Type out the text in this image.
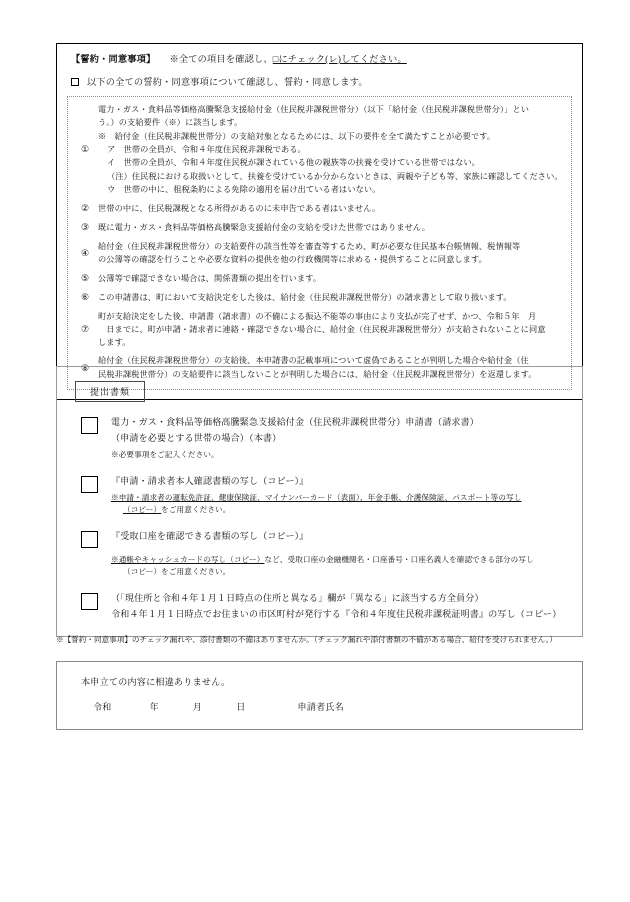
【誓約・同意事項】 ※全ての項目を確認し、□にチェック(レ)してください。
以下の全ての誓約・同意事項について確認し、誓約・同意します。
①

電力・ガス・食料品等価格高騰緊急支援給付金（住民税非課税世帯分）（以下「給付金（住民税非課税世帯分）」とい

う。）の支給要件（※）に該当します。

※　給付金（住民税非課税世帯分）の支給対象となるためには、以下の要件を全て満たすことが必要です。

ア　世帯の全員が、令和４年度住民税非課税である。

イ　世帯の全員が、令和４年度住民税が課されている他の親族等の扶養を受けている世帯ではない。

（注）住民税における取扱いとして、扶養を受けているか分からないときは、両親や子ども等、家族に確認してください。

ウ　世帯の中に、租税条約による免除の適用を届け出ている者はいない。

②	世帯の中に、住民税課税となる所得があるのに未申告である者はいません。

③	既に電力・ガス・食料品等価格高騰緊急支援給付金の支給を受けた世帯ではありません。

④

給付金（住民税非課税世帯分）の支給要件の該当性等を審査等するため、町が必要な住民基本台帳情報、税情報等

の公簿等の確認を行うことや必要な資料の提供を他の行政機関等に求める・提供することに同意します。

⑤	公簿等で確認できない場合は、関係書類の提出を行います。

⑥	この申請書は、町において支給決定をした後は、給付金（住民税非課税世帯分）の請求書として取り扱います。

⑦

町が支給決定をした後、申請書（請求書）の不備による振込不能等の事由により支払が完了せず、かつ、令和５年　月

　日までに、町が申請・請求者に連絡・確認できない場合に、給付金（住民税非課税世帯分）が支給されないことに同意

します。

⑧

給付金（住民税非課税世帯分）の支給後、本申請書の記載事項について虚偽であることが判明した場合や給付金（住

民税非課税世帯分）の支給要件に該当しないことが判明した場合には、給付金（住民税非課税世帯分）を返還します。

提出書類

電力・ガス・食料品等価格高騰緊急支援給付金（住民税非課税世帯分）申請書（請求書）

（申請を必要とする世帯の場合）（本書）

※必要事項をご記入ください。

『申請・請求者本人確認書類の写し（コピー）』

※申請・請求者の運転免許証、健康保険証、マイナンバーカード（表面）、年金手帳、介護保険証、パスポート等の写し
（コピー）をご用意ください。

『受取口座を確認できる書類の写し（コピー）』

※通帳やキャッシュカードの写し（コピー）など、受取口座の金融機関名・口座番号・口座名義人を確認できる部分の写し
（コピー）をご用意ください。

（「現住所と令和４年１月１日時点の住所と異なる」欄が「異なる」に該当する方全員分）

令和４年１月１日時点でお住まいの市区町村が発行する『令和４年度住民税非課税証明書』の写し（コピー）

※【誓約・同意事項】のチェック漏れや、添付書類の不備はありませんか。（チェック漏れや添付書類の不備がある場合、給付を受けられません。）

本申立ての内容に相違ありません。

令和	年	月	日	申請者氏名
